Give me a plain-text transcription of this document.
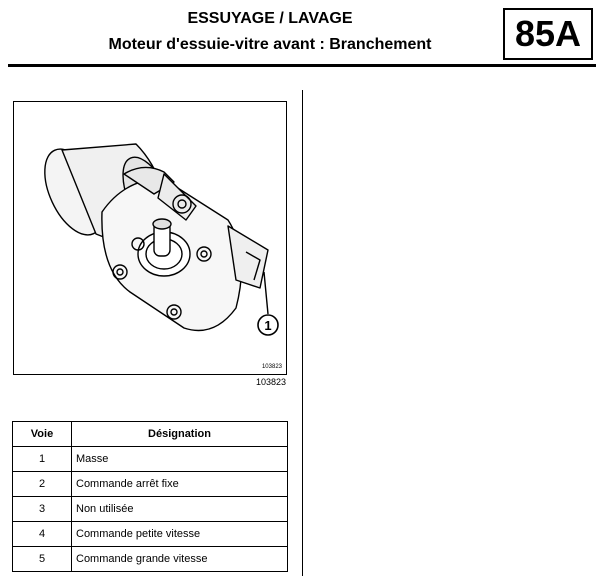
ESSUYAGE / LAVAGE
Moteur d'essuie-vitre avant : Branchement	85A
1
103823
103823
Voie	Désignation
1	Masse
2	Commande arrêt fixe
3	Non utilisée
4	Commande petite vitesse
5	Commande grande vitesse
